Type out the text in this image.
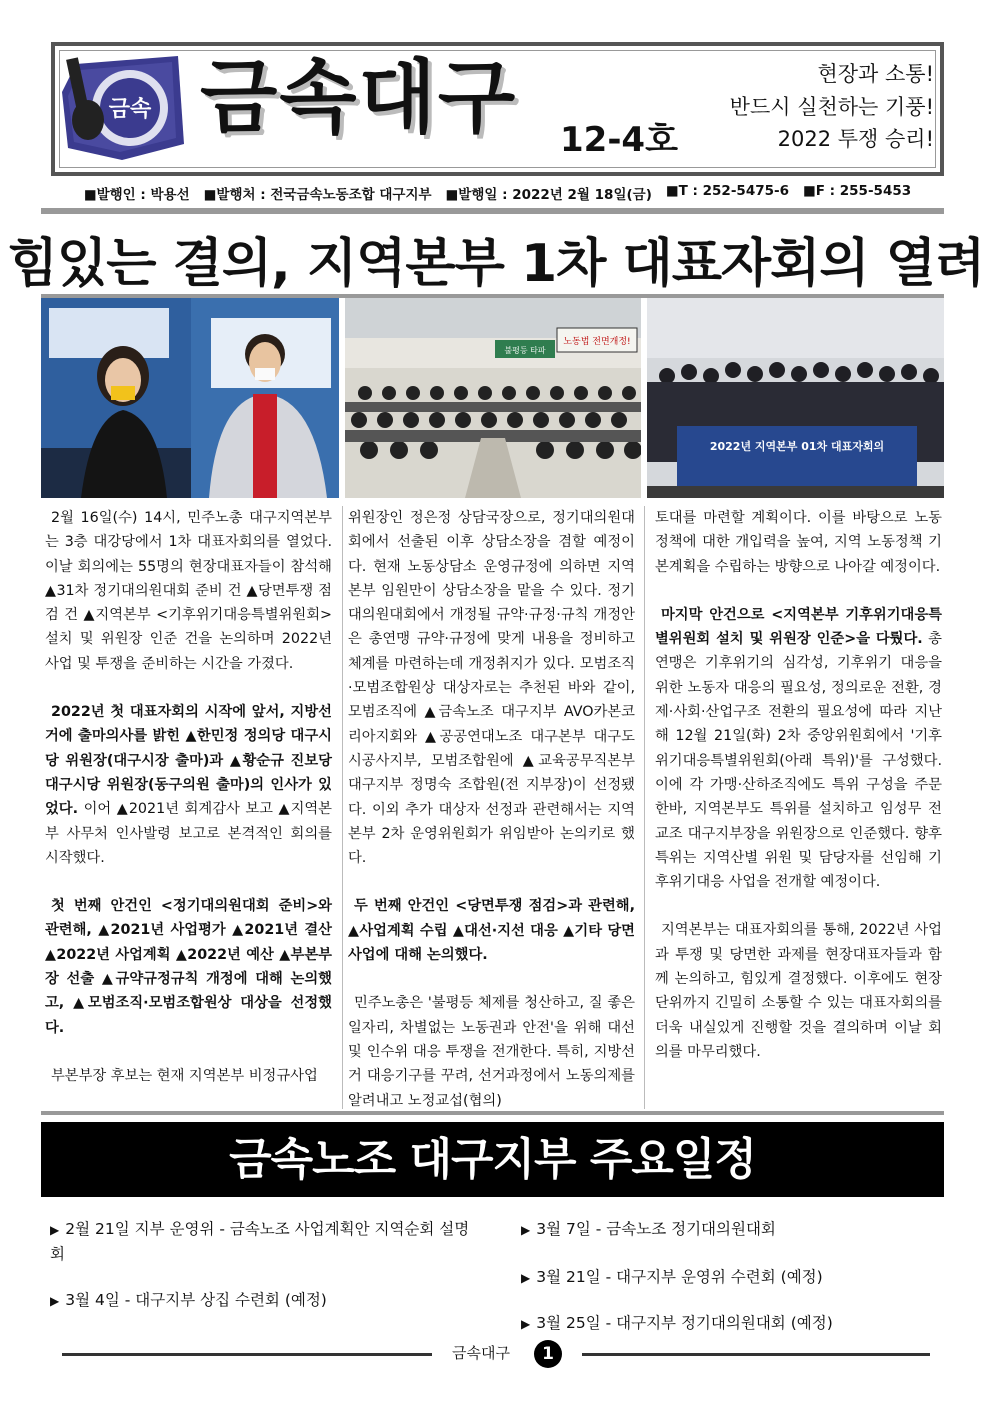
금속 금속대구 12-4호
현장과 소통!
반드시 실천하는 기풍!
2022 투쟁 승리!
■발행인 : 박용선 ■발행처 : 전국금속노동조합 대구지부 ■발행일 : 2022년 2월 18일(금) ■T : 252-5475-6 ■F : 255-5453
힘있는 결의, 지역본부 1차 대표자회의 열려
불평등 타파
노동법 전면개정!
2022년 지역본부 01차 대표자회의

2월 16일(수) 14시, 민주노총 대구지역본부는 3층 대강당에서 1차 대표자회의를 열었다. 이날 회의에는 55명의 현장대표자들이 참석해 ▲31차 정기대의원대회 준비 건 ▲당면투쟁 점검 건 ▲지역본부 <기후위기대응특별위원회> 설치 및 위원장 인준 건을 논의하며 2022년 사업 및 투쟁을 준비하는 시간을 가졌다.

2022년 첫 대표자회의 시작에 앞서, 지방선거에 출마의사를 밝힌 ▲한민정 정의당 대구시당 위원장(대구시장 출마)과 ▲황순규 진보당 대구시당 위원장(동구의원 출마)의 인사가 있었다. 이어 ▲2021년 회계감사 보고 ▲지역본부 사무처 인사발령 보고로 본격적인 회의를 시작했다.

첫 번째 안건인 <정기대의원대회 준비>와 관련해, ▲2021년 사업평가 ▲2021년 결산 ▲2022년 사업계획 ▲2022년 예산 ▲부본부장 선출 ▲규약규정규칙 개정에 대해 논의했고, ▲모범조직·모범조합원상 대상을 선정했다.

부본부장 후보는 현재 지역본부 비정규사업

위원장인 정은정 상담국장으로, 정기대의원대회에서 선출된 이후 상담소장을 겸할 예정이다. 현재 노동상담소 운영규정에 의하면 지역본부 임원만이 상담소장을 맡을 수 있다. 정기대의원대회에서 개정될 규약·규정·규칙 개정안은 총연맹 규약·규정에 맞게 내용을 정비하고 체계를 마련하는데 개정취지가 있다. 모범조직·모범조합원상 대상자로는 추천된 바와 같이, 모범조직에 ▲금속노조 대구지부 AVO카본코리아지회와 ▲공공연대노조 대구본부 대구도시공사지부, 모범조합원에 ▲교육공무직본부 대구지부 정명숙 조합원(전 지부장)이 선정됐다. 이외 추가 대상자 선정과 관련해서는 지역본부 2차 운영위원회가 위임받아 논의키로 했다.

두 번째 안건인 <당면투쟁 점검>과 관련해, ▲사업계획 수립 ▲대선·지선 대응 ▲기타 당면사업에 대해 논의했다.

민주노총은 '불평등 체제를 청산하고, 질 좋은 일자리, 차별없는 노동권과 안전'을 위해 대선 및 인수위 대응 투쟁을 전개한다. 특히, 지방선거 대응기구를 꾸려, 선거과정에서 노동의제를 알려내고 노정교섭(협의)

토대를 마련할 계획이다. 이를 바탕으로 노동정책에 대한 개입력을 높여, 지역 노동정책 기본계획을 수립하는 방향으로 나아갈 예정이다.

마지막 안건으로 <지역본부 기후위기대응특별위원회 설치 및 위원장 인준>을 다뤘다. 총연맹은 기후위기의 심각성, 기후위기 대응을 위한 노동자 대응의 필요성, 정의로운 전환, 경제·사회·산업구조 전환의 필요성에 따라 지난해 12월 21일(화) 2차 중앙위원회에서 '기후위기대응특별위원회(아래 특위)'를 구성했다. 이에 각 가맹·산하조직에도 특위 구성을 주문한바, 지역본부도 특위를 설치하고 임성무 전교조 대구지부장을 위원장으로 인준했다. 향후 특위는 지역산별 위원 및 담당자를 선임해 기후위기대응 사업을 전개할 예정이다.

지역본부는 대표자회의를 통해, 2022년 사업과 투쟁 및 당면한 과제를 현장대표자들과 함께 논의하고, 힘있게 결정했다. 이후에도 현장단위까지 긴밀히 소통할 수 있는 대표자회의를 더욱 내실있게 진행할 것을 결의하며 이날 회의를 마무리했다.

금속노조 대구지부 주요일정
▶ 2월 21일 지부 운영위 - 금속노조 사업계획안 지역순회 설명회
▶ 3월 4일 - 대구지부 상집 수련회 (예정)
▶ 3월 7일 - 금속노조 정기대의원대회
▶ 3월 21일 - 대구지부 운영위 수련회 (예정)
▶ 3월 25일 - 대구지부 정기대의원대회 (예정)
금속대구	1
